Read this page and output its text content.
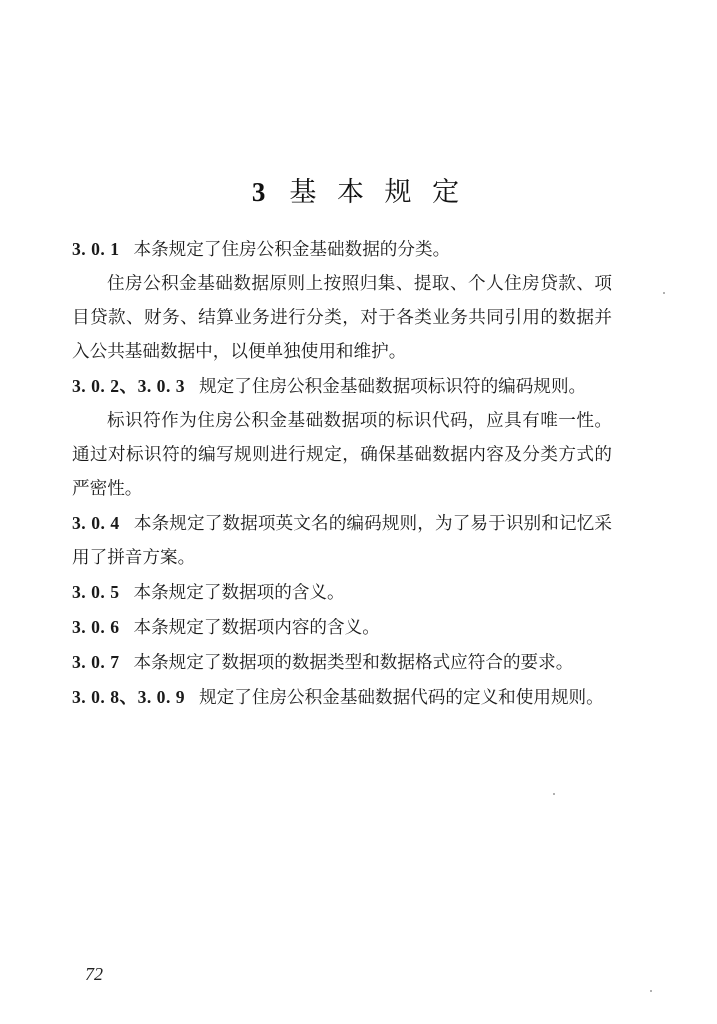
3 基 本 规 定

3. 0. 1 本条规定了住房公积金基础数据的分类。

住房公积金基础数据原则上按照归集、提取、个人住房贷款、项目贷款、财务、结算业务进行分类，对于各类业务共同引用的数据并入公共基础数据中，以便单独使用和维护。

3. 0. 2、3. 0. 3 规定了住房公积金基础数据项标识符的编码规则。

标识符作为住房公积金基础数据项的标识代码，应具有唯一性。通过对标识符的编写规则进行规定，确保基础数据内容及分类方式的严密性。

3. 0. 4 本条规定了数据项英文名的编码规则，为了易于识别和记忆采用了拼音方案。

3. 0. 5 本条规定了数据项的含义。

3. 0. 6 本条规定了数据项内容的含义。

3. 0. 7 本条规定了数据项的数据类型和数据格式应符合的要求。

3. 0. 8、3. 0. 9 规定了住房公积金基础数据代码的定义和使用规则。

72
